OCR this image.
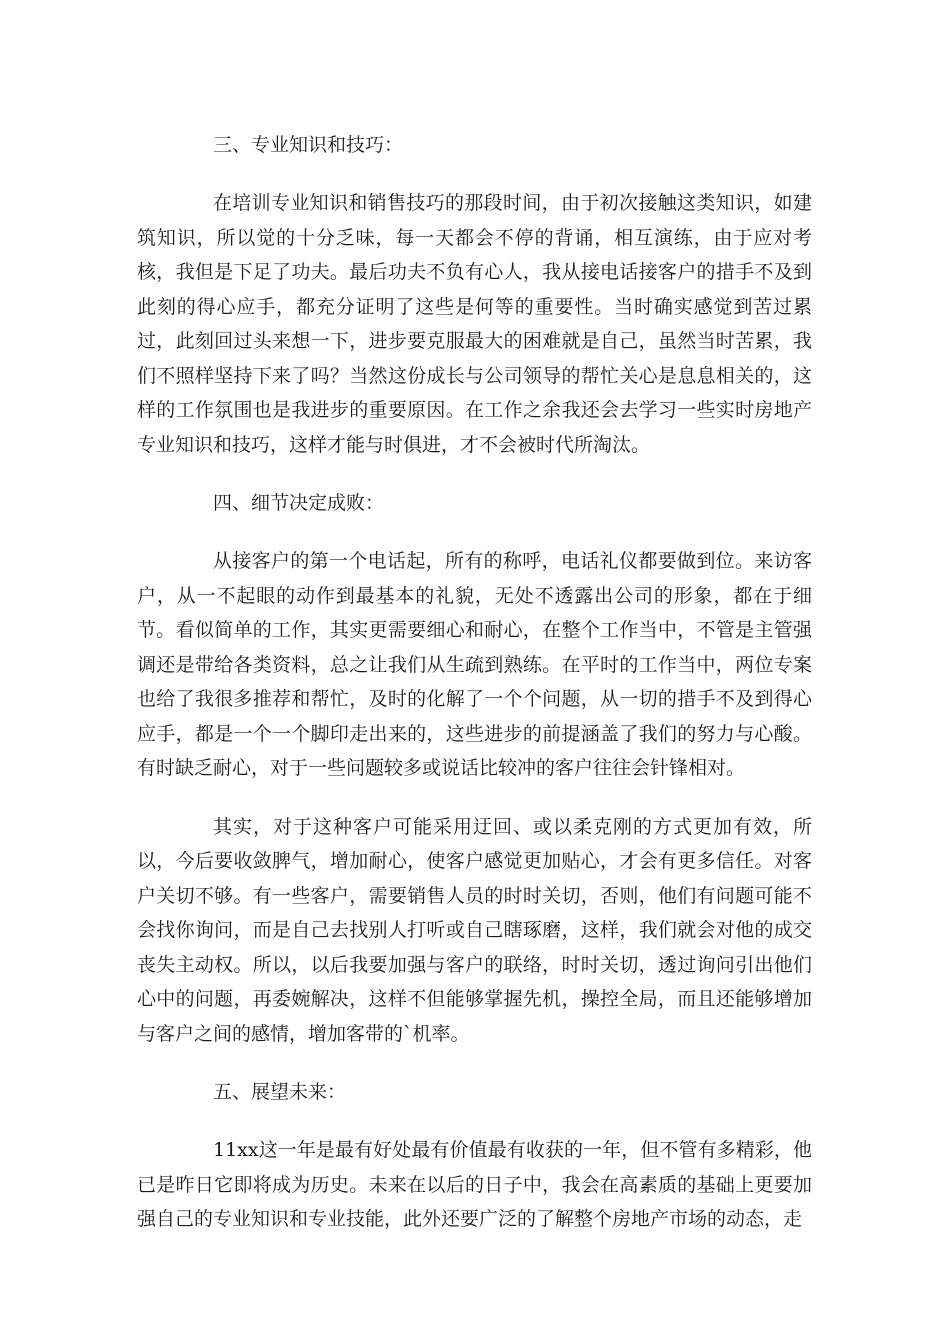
三、专业知识和技巧：

在培训专业知识和销售技巧的那段时间，由于初次接触这类知识，如建筑知识，所以觉的十分乏味，每一天都会不停的背诵，相互演练，由于应对考核，我但是下足了功夫。最后功夫不负有心人，我从接电话接客户的措手不及到此刻的得心应手，都充分证明了这些是何等的重要性。当时确实感觉到苦过累过，此刻回过头来想一下，进步要克服最大的困难就是自己，虽然当时苦累，我们不照样坚持下来了吗？当然这份成长与公司领导的帮忙关心是息息相关的，这样的工作氛围也是我进步的重要原因。在工作之余我还会去学习一些实时房地产专业知识和技巧，这样才能与时俱进，才不会被时代所淘汰。

四、细节决定成败：

从接客户的第一个电话起，所有的称呼，电话礼仪都要做到位。来访客户，从一不起眼的动作到最基本的礼貌，无处不透露出公司的形象，都在于细节。看似简单的工作，其实更需要细心和耐心，在整个工作当中，不管是主管强调还是带给各类资料，总之让我们从生疏到熟练。在平时的工作当中，两位专案也给了我很多推荐和帮忙，及时的化解了一个个问题，从一切的措手不及到得心应手，都是一个一个脚印走出来的，这些进步的前提涵盖了我们的努力与心酸。有时缺乏耐心，对于一些问题较多或说话比较冲的客户往往会针锋相对。

其实，对于这种客户可能采用迂回、或以柔克刚的方式更加有效，所以，今后要收敛脾气，增加耐心，使客户感觉更加贴心，才会有更多信任。对客户关切不够。有一些客户，需要销售人员的时时关切，否则，他们有问题可能不会找你询问，而是自己去找别人打听或自己瞎琢磨，这样，我们就会对他的成交丧失主动权。所以，以后我要加强与客户的联络，时时关切，透过询问引出他们心中的问题，再委婉解决，这样不但能够掌握先机，操控全局，而且还能够增加与客户之间的感情，增加客带的`机率。

五、展望未来：

11xx这一年是最有好处最有价值最有收获的一年，但不管有多精彩，他已是昨日它即将成为历史。未来在以后的日子中，我会在高素质的基础上更要加强自己的专业知识和专业技能，此外还要广泛的了解整个房地产市场的动态，走
